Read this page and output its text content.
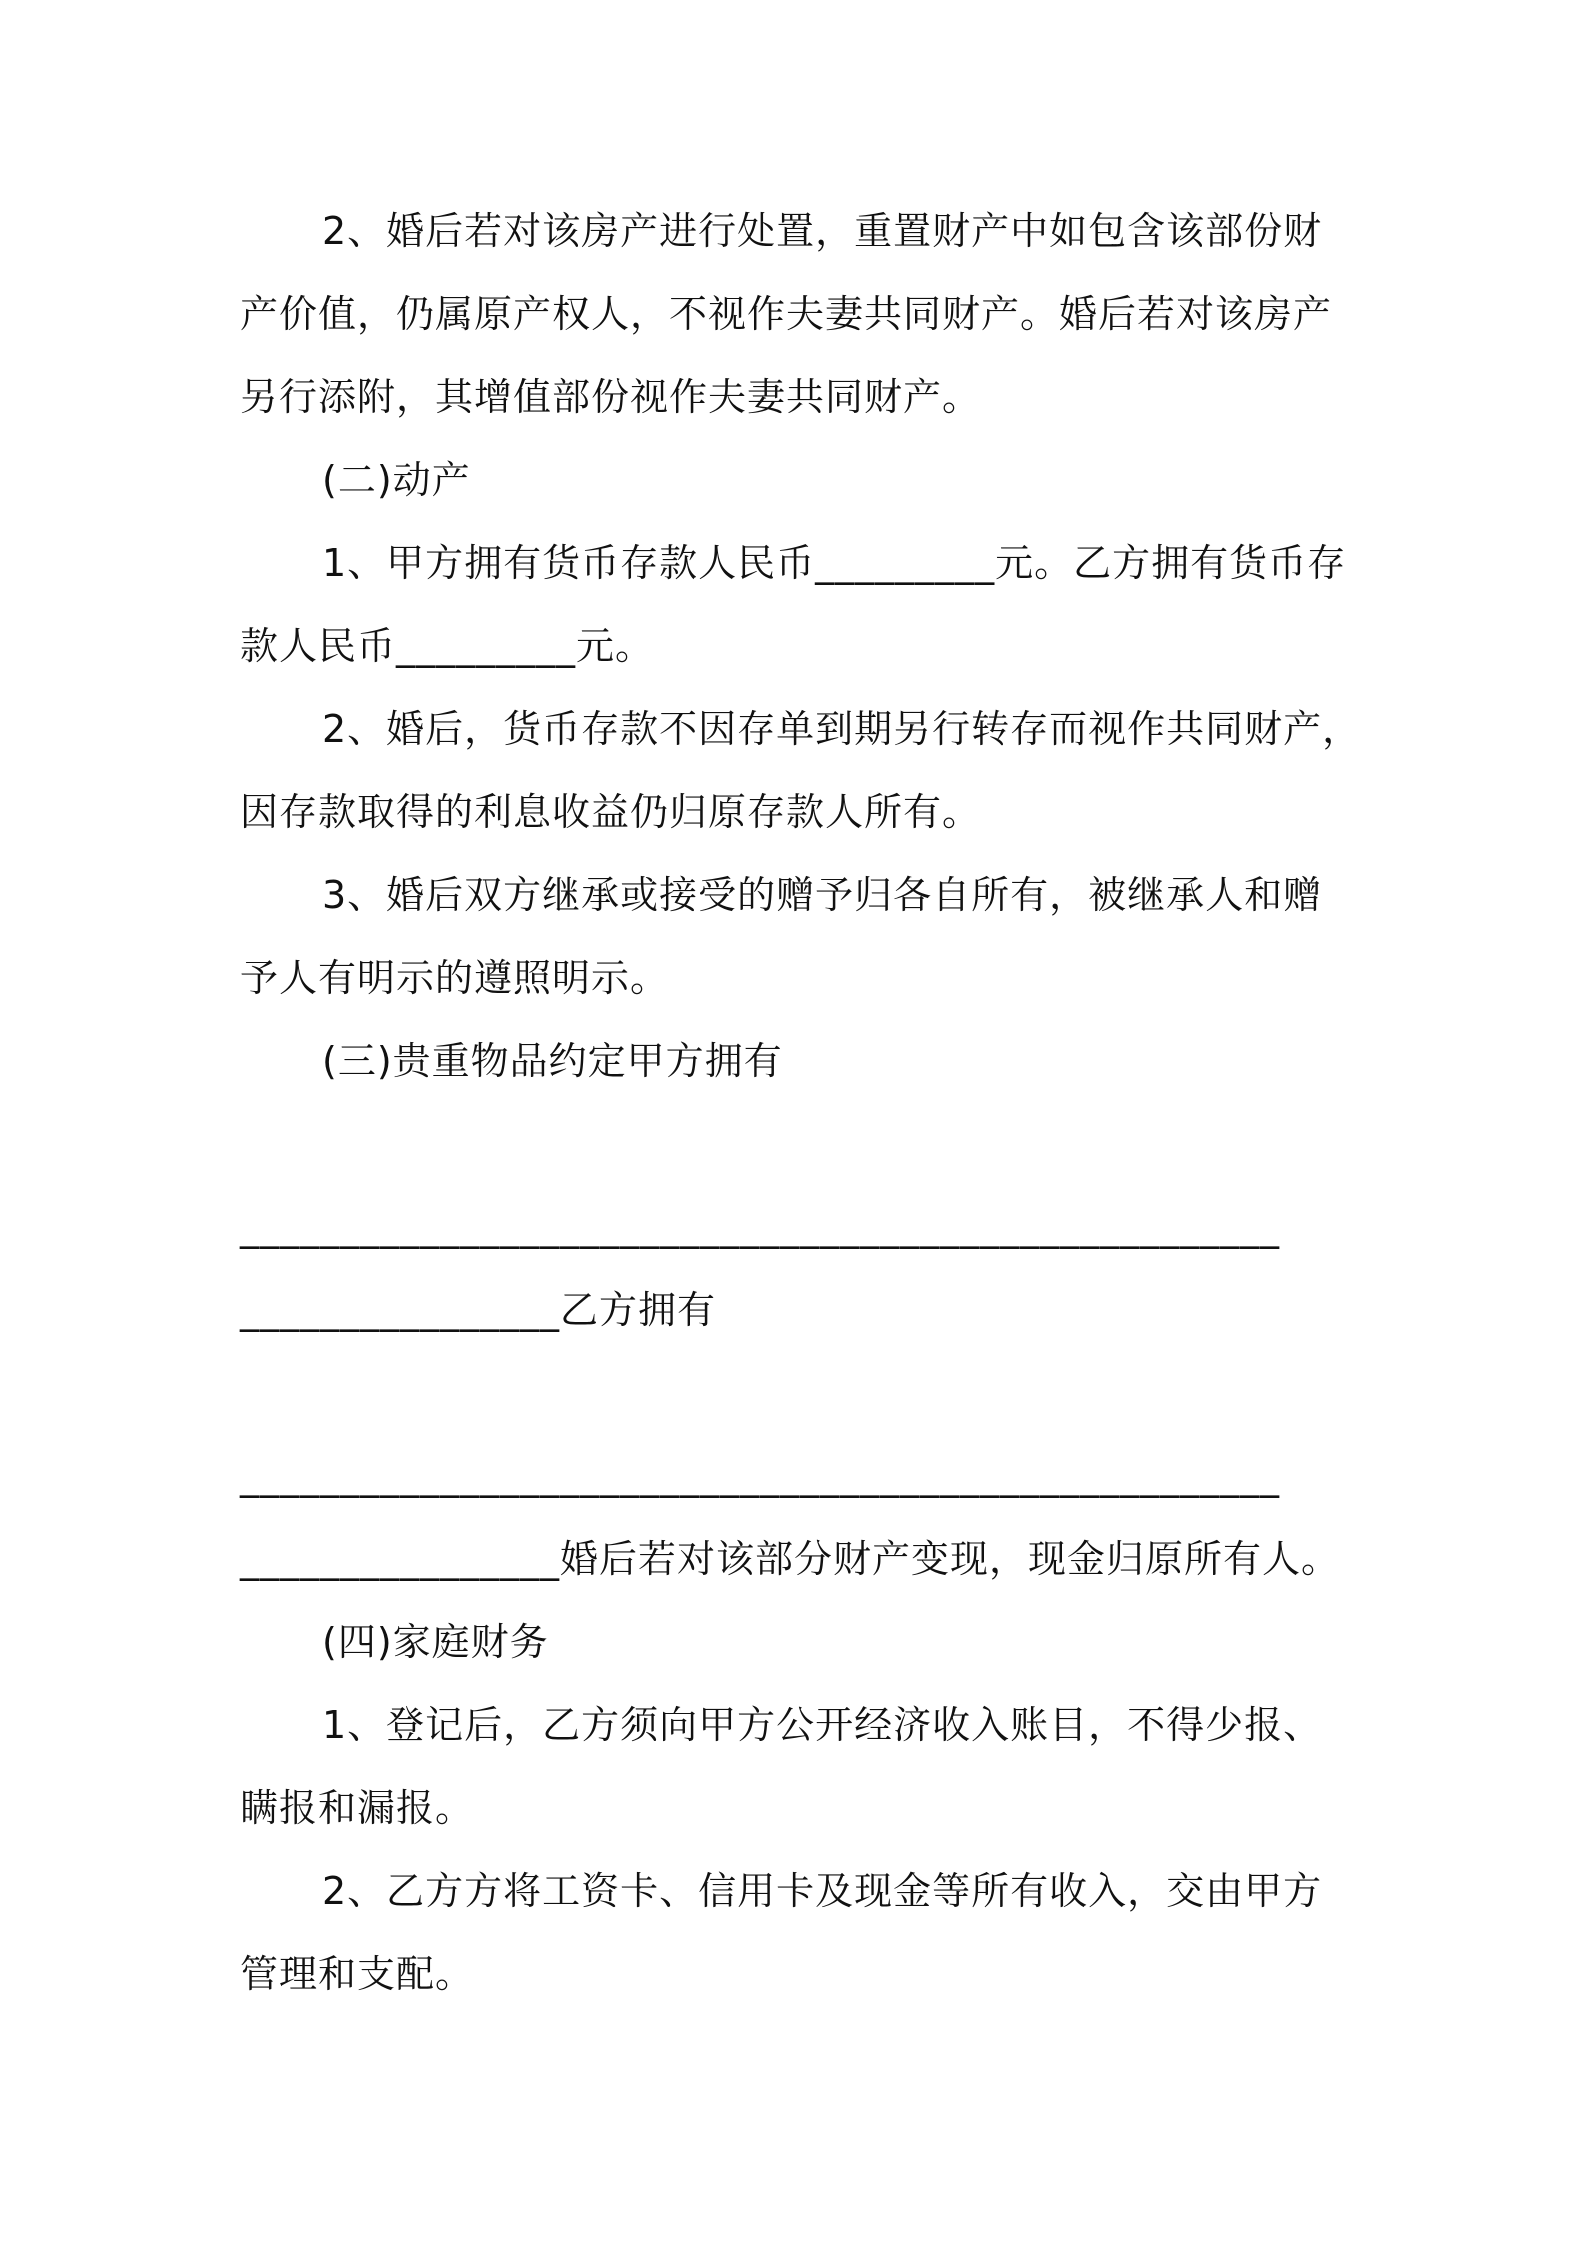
2、婚后若对该房产进行处置，重置财产中如包含该部份财
产价值，仍属原产权人，不视作夫妻共同财产。婚后若对该房产
另行添附，其增值部份视作夫妻共同财产。
(二)动产
1、甲方拥有货币存款人民币_________元。乙方拥有货币存
款人民币_________元。
2、婚后，货币存款不因存单到期另行转存而视作共同财产，
因存款取得的利息收益仍归原存款人所有。
3、婚后双方继承或接受的赠予归各自所有，被继承人和赠
予人有明示的遵照明示。
(三)贵重物品约定甲方拥有
____________________________________________________
________________乙方拥有
____________________________________________________
________________婚后若对该部分财产变现，现金归原所有人。
(四)家庭财务
1、登记后，乙方须向甲方公开经济收入账目，不得少报、
瞒报和漏报。
2、乙方方将工资卡、信用卡及现金等所有收入，交由甲方
管理和支配。
